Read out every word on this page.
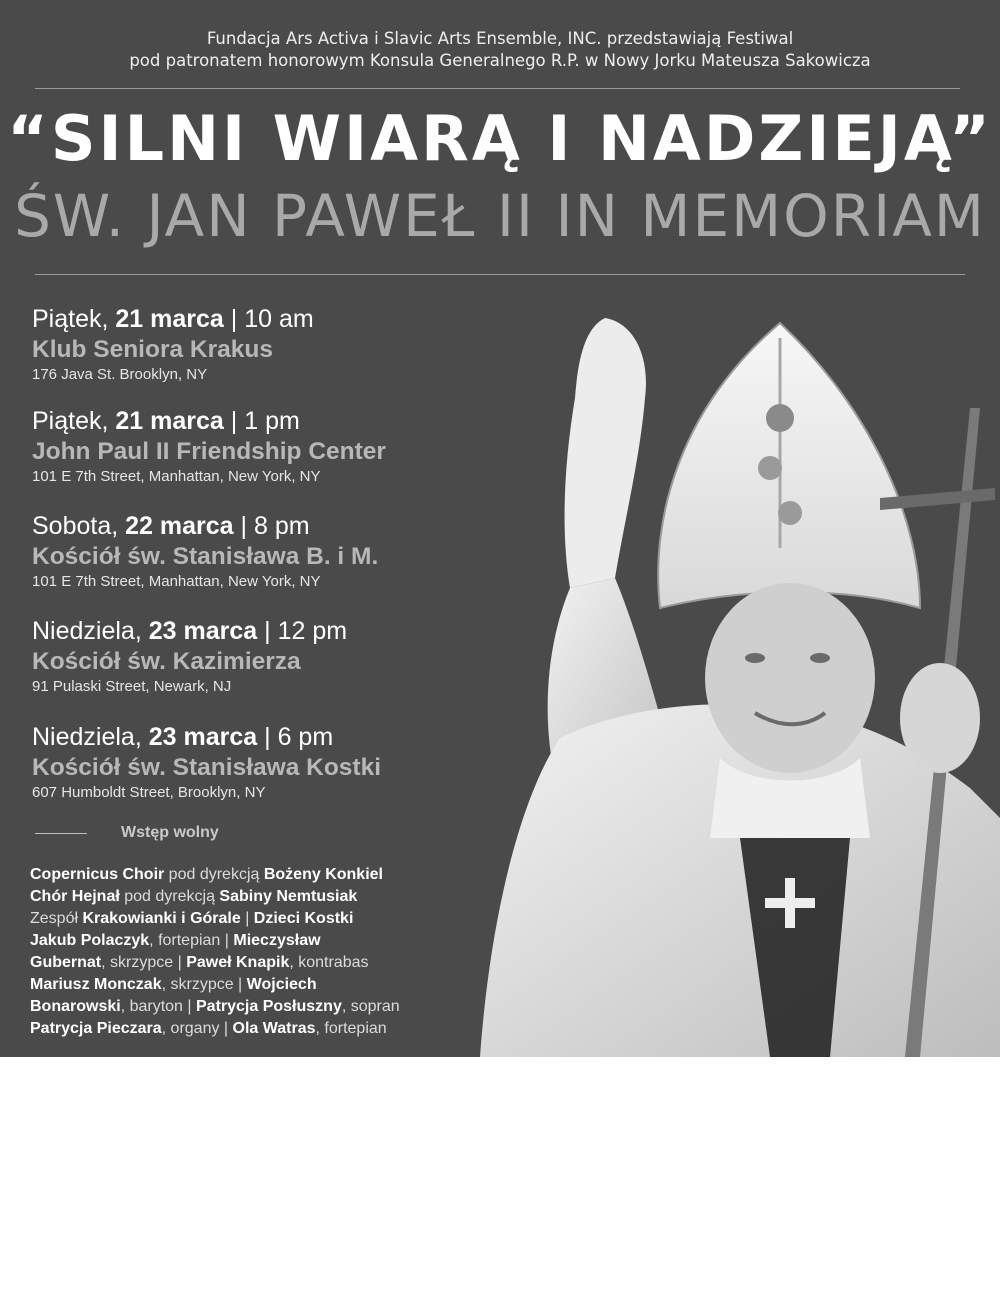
Fundacja Ars Activa i Slavic Arts Ensemble, INC. przedstawiają Festiwal
pod patronatem honorowym Konsula Generalnego R.P. w Nowy Jorku Mateusza Sakowicza
“SILNI WIARĄ I NADZIEJĄ”
ŚW. JAN PAWEŁ II IN MEMORIAM
Piątek, 21 marca | 10 am
Klub Seniora Krakus
176 Java St. Brooklyn, NY
Piątek, 21 marca | 1 pm
John Paul II Friendship Center
101 E 7th Street, Manhattan, New York, NY
Sobota, 22 marca | 8 pm
Kościół św. Stanisława B. i M.
101 E 7th Street, Manhattan, New York, NY
Niedziela, 23 marca | 12 pm
Kościół św. Kazimierza
91 Pulaski Street, Newark, NJ
Niedziela, 23 marca | 6 pm
Kościół św. Stanisława Kostki
607 Humboldt Street, Brooklyn, NY
Wstęp wolny
Copernicus Choir pod dyrekcją Bożeny Konkiel
Chór Hejnał pod dyrekcją Sabiny Nemtusiak
Zespół Krakowianki i Górale | Dzieci Kostki
Jakub Polaczyk, fortepian | Mieczysław
Gubernat, skrzypce | Paweł Knapik, kontrabas
Mariusz Monczak, skrzypce | Wojciech
Bonarowski, baryton | Patrycja Posłuszny, sopran
Patrycja Pieczara, organy | Ola Watras, fortepian
